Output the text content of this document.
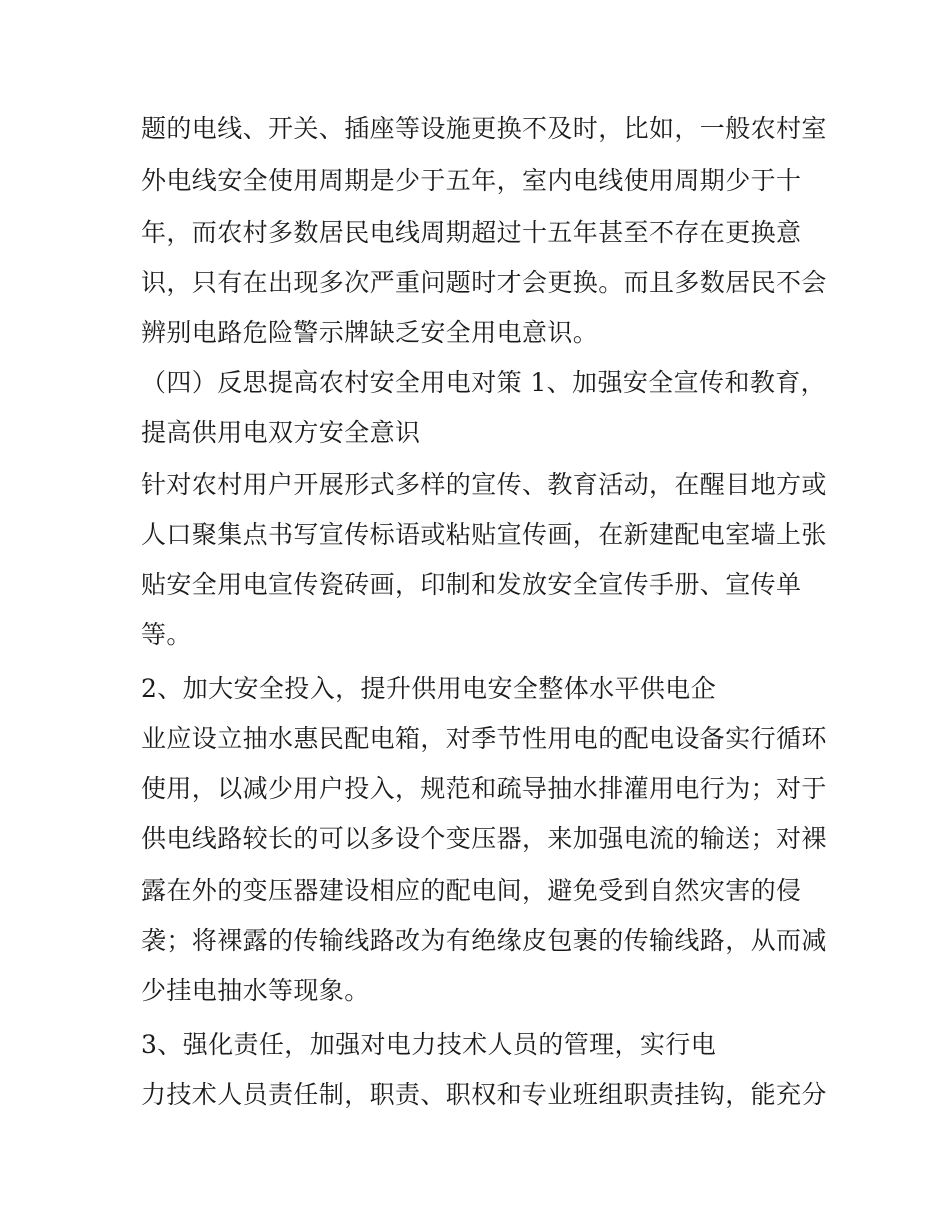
题的电线、开关、插座等设施更换不及时，比如，一般农村室
外电线安全使用周期是少于五年，室内电线使用周期少于十
年，而农村多数居民电线周期超过十五年甚至不存在更换意
识，只有在出现多次严重问题时才会更换。而且多数居民不会
辨别电路危险警示牌缺乏安全用电意识。
（四）反思提高农村安全用电对策 1、加强安全宣传和教育，
提高供用电双方安全意识
针对农村用户开展形式多样的宣传、教育活动，在醒目地方或
人口聚集点书写宣传标语或粘贴宣传画，在新建配电室墙上张
贴安全用电宣传瓷砖画，印制和发放安全宣传手册、宣传单
等。
2、加大安全投入，提升供用电安全整体水平供电企
业应设立抽水惠民配电箱，对季节性用电的配电设备实行循环
使用，以减少用户投入，规范和疏导抽水排灌用电行为；对于
供电线路较长的可以多设个变压器，来加强电流的输送；对裸
露在外的变压器建设相应的配电间，避免受到自然灾害的侵
袭；将裸露的传输线路改为有绝缘皮包裹的传输线路，从而减
少挂电抽水等现象。
3、强化责任，加强对电力技术人员的管理，实行电
力技术人员责任制，职责、职权和专业班组职责挂钩，能充分
